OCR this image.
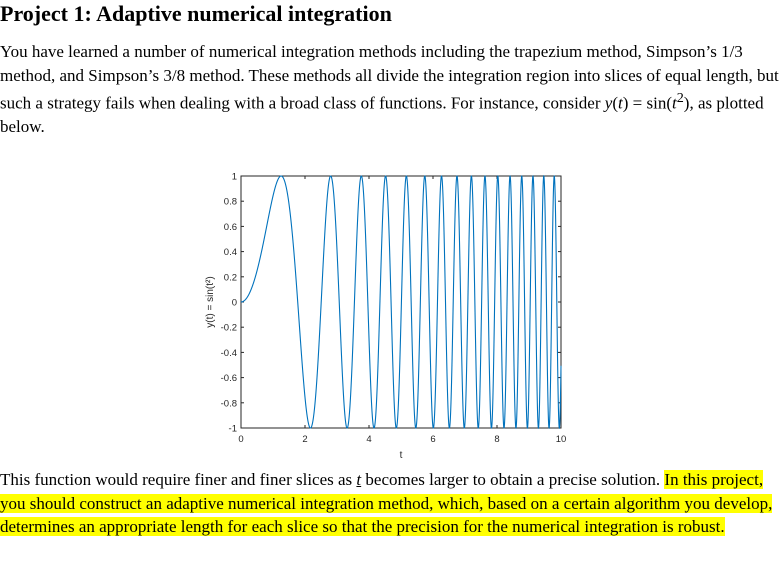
Project 1: Adaptive numerical integration

You have learned a number of numerical integration methods including the trapezium method, Simpson’s 1/3 method, and Simpson’s 3/8 method. These methods all divide the integration region into slices of equal length, but such a strategy fails when dealing with a broad class of functions. For instance, consider $y(t) = \sin(t^2)$, as plotted below.

-1
-0.8
-0.6
-0.4
-0.2
0
0.2
0.4
0.6
0.8
1
0	2	4	6	8	10
t
y(t) = sin(t²)

This function would require finer and finer slices as t becomes larger to obtain a precise solution. In this project, you should construct an adaptive numerical integration method, which, based on a certain algorithm you develop, determines an appropriate length for each slice so that the precision for the numerical integration is robust.
